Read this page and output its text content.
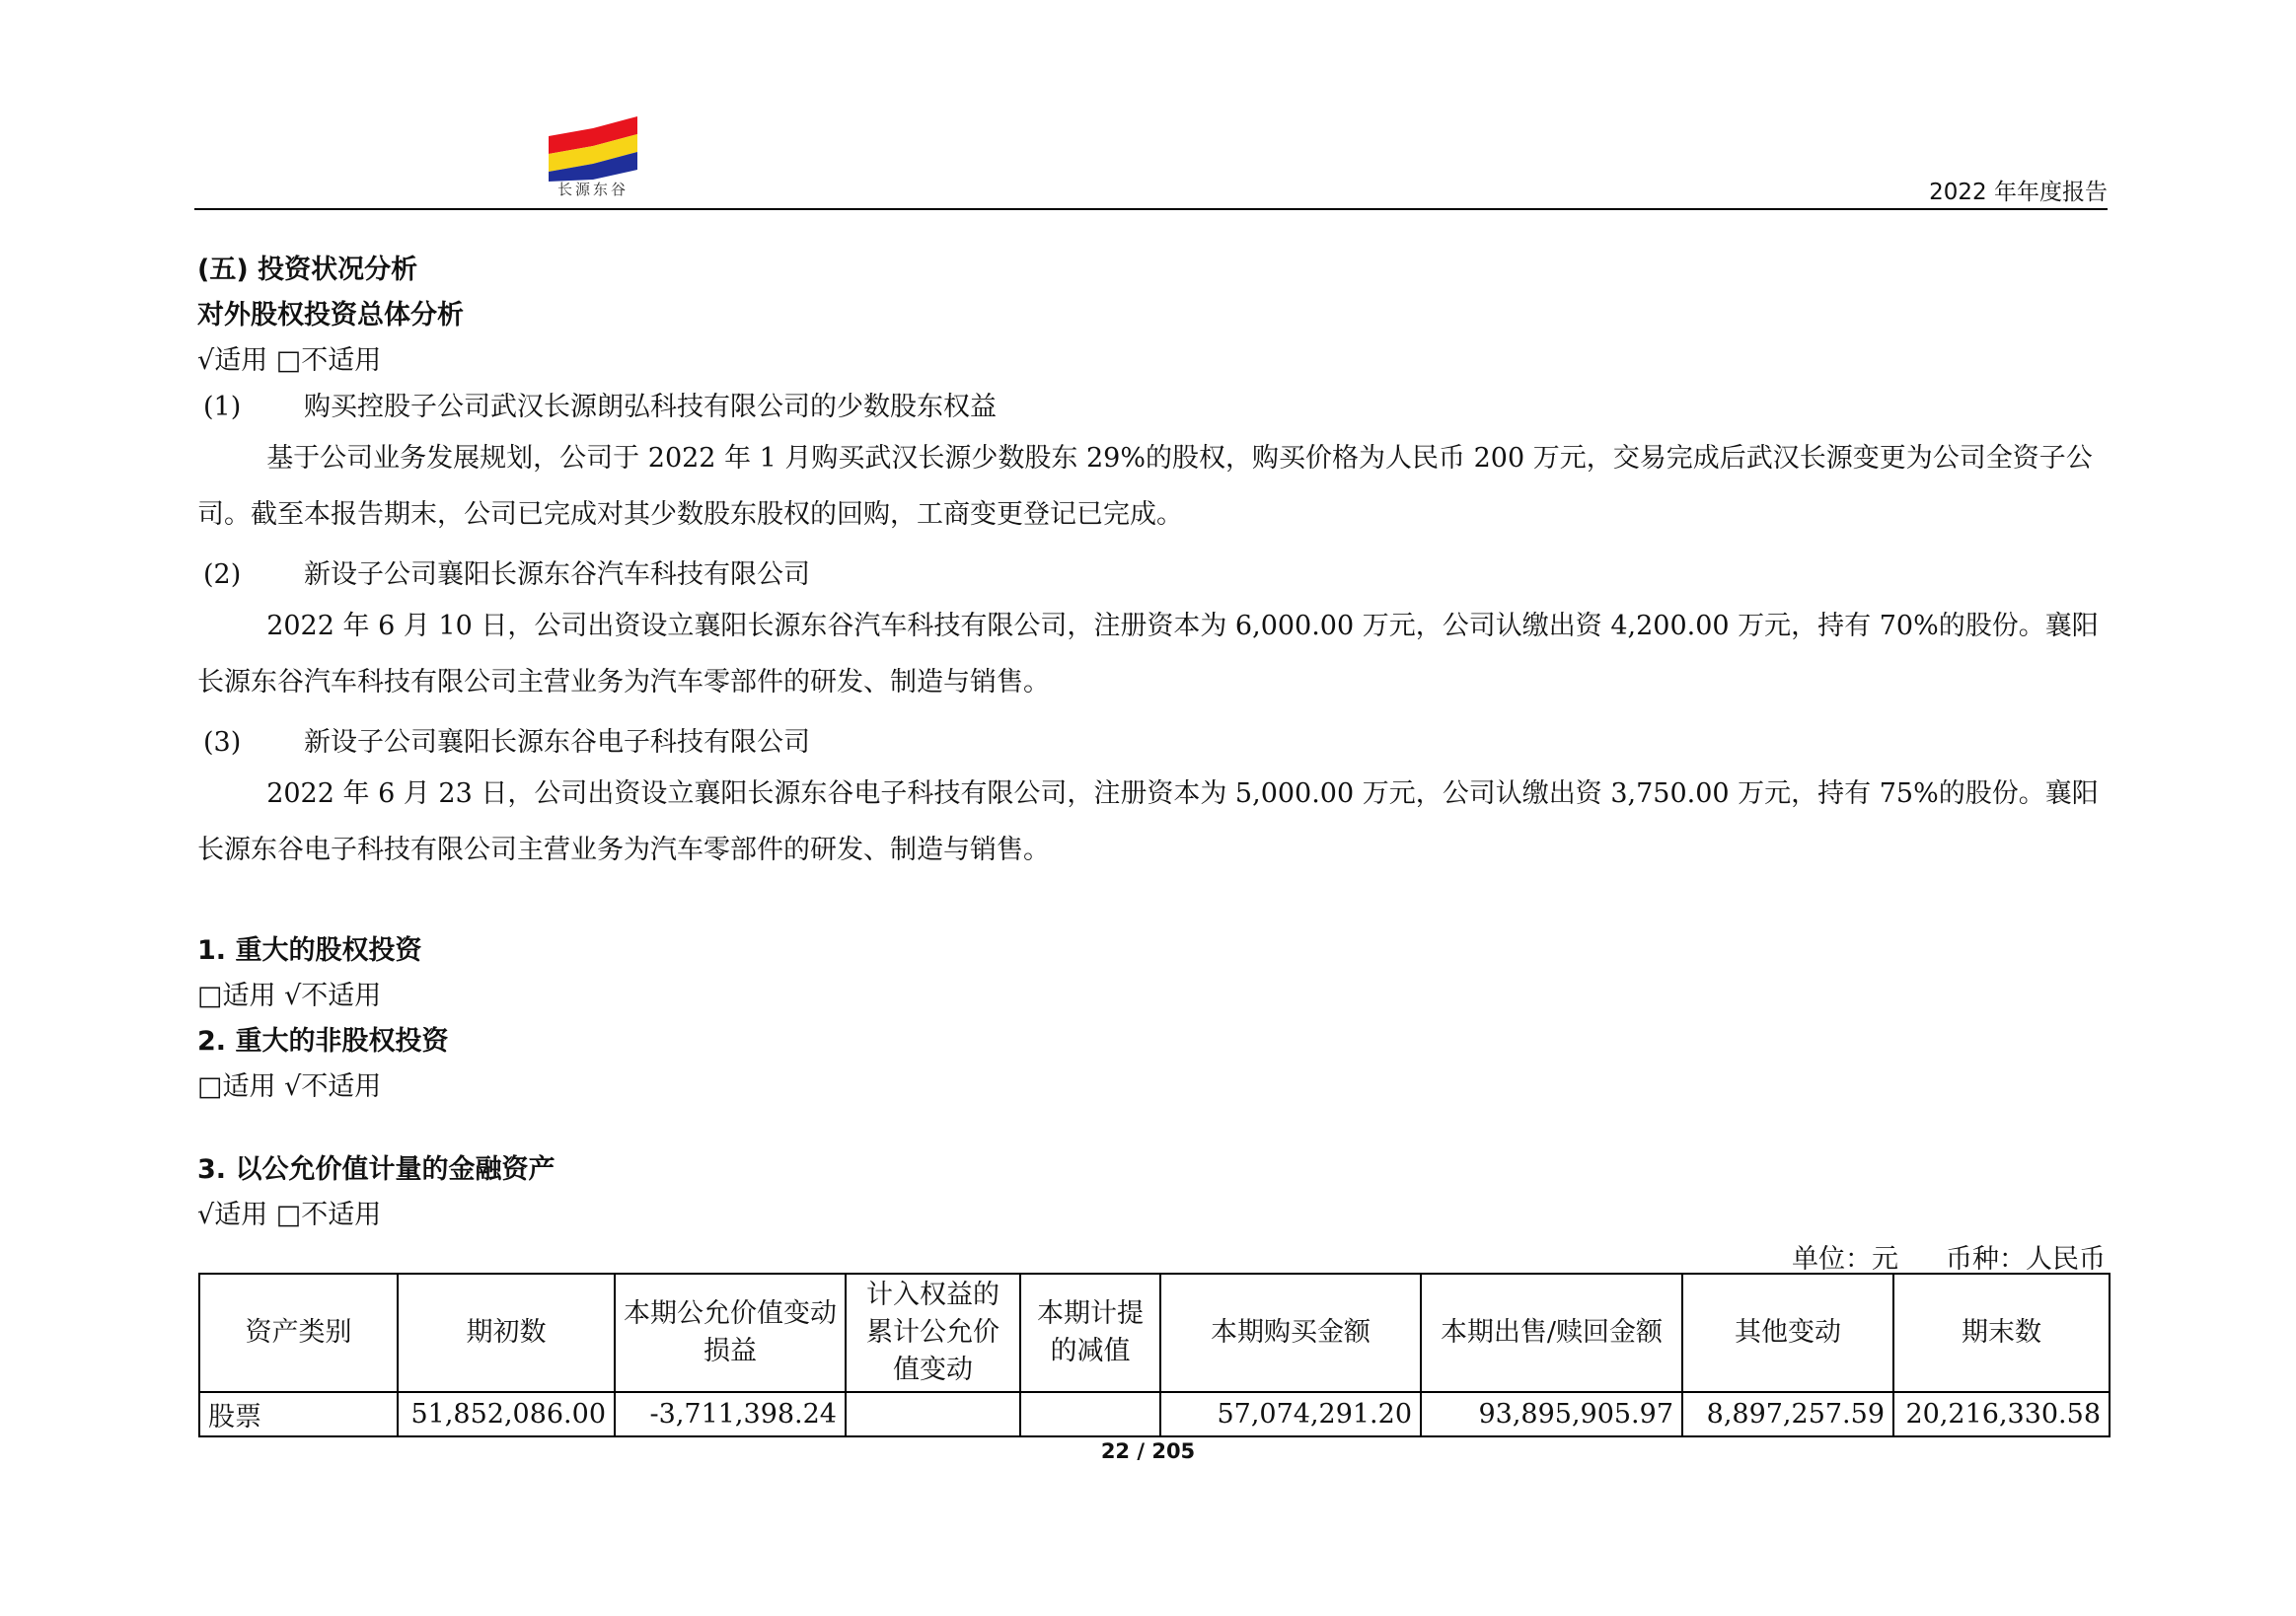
长源东谷	2022 年年度报告
(五) 投资状况分析
对外股权投资总体分析
√适用 □不适用
(1) 购买控股子公司武汉长源朗弘科技有限公司的少数股东权益

基于公司业务发展规划，公司于 2022 年 1 月购买武汉长源少数股东 29%的股权，购买价格为人民币 200 万元，交易完成后武汉长源变更为公司全资子公司。截至本报告期末，公司已完成对其少数股东股权的回购，工商变更登记已完成。

(2) 新设子公司襄阳长源东谷汽车科技有限公司

2022 年 6 月 10 日，公司出资设立襄阳长源东谷汽车科技有限公司，注册资本为 6,000.00 万元，公司认缴出资 4,200.00 万元，持有 70%的股份。襄阳长源东谷汽车科技有限公司主营业务为汽车零部件的研发、制造与销售。

(3) 新设子公司襄阳长源东谷电子科技有限公司

2022 年 6 月 23 日，公司出资设立襄阳长源东谷电子科技有限公司，注册资本为 5,000.00 万元，公司认缴出资 3,750.00 万元，持有 75%的股份。襄阳长源东谷电子科技有限公司主营业务为汽车零部件的研发、制造与销售。

1. 重大的股权投资
□适用 √不适用
2. 重大的非股权投资
□适用 √不适用
3. 以公允价值计量的金融资产
√适用 □不适用
单位：元 币种：人民币
资产类别	期初数	本期公允价值变动损益	计入权益的累计公允价值变动	本期计提的减值	本期购买金额	本期出售/赎回金额	其他变动	期末数
股票	51,852,086.00	-3,711,398.24			57,074,291.20	93,895,905.97	8,897,257.59	20,216,330.58
22 / 205
